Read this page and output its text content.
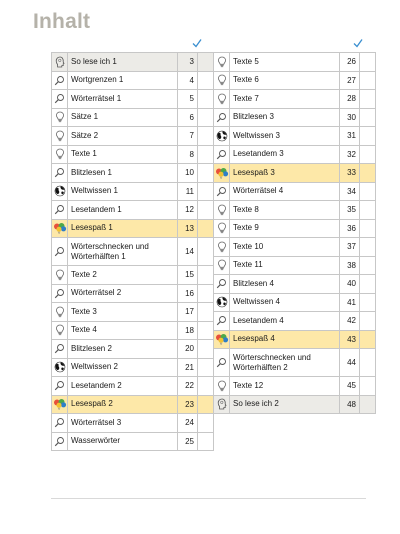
Inhalt
	So lese ich 1	3	

	Wortgrenzen 1	4	

	Wörterrätsel 1	5	

	Sätze 1	6	

	Sätze 2	7	

	Texte 1	8	

	Blitzlesen 1	10	

	Weltwissen 1	11	

	Lesetandem 1	12	

	Lesespaß 1	13	

	Wörterschnecken und Wörterhälften 1	14	

	Texte 2	15	

	Wörterrätsel 2	16	

	Texte 3	17	

	Texte 4	18	

	Blitzlesen 2	20	

	Weltwissen 2	21	

	Lesetandem 2	22	

	Lesespaß 2	23	

	Wörterrätsel 3	24	

	Wasserwörter	25	
	Texte 5	26	

	Texte 6	27	

	Texte 7	28	

	Blitzlesen 3	30	

	Weltwissen 3	31	

	Lesetandem 3	32	

	Lesespaß 3	33	

	Wörterrätsel 4	34	

	Texte 8	35	

	Texte 9	36	

	Texte 10	37	

	Texte 11	38	

	Blitzlesen 4	40	

	Weltwissen 4	41	

	Lesetandem 4	42	

	Lesespaß 4	43	

	Wörterschnecken und Wörterhälften 2	44	

	Texte 12	45	

	So lese ich 2	48	
